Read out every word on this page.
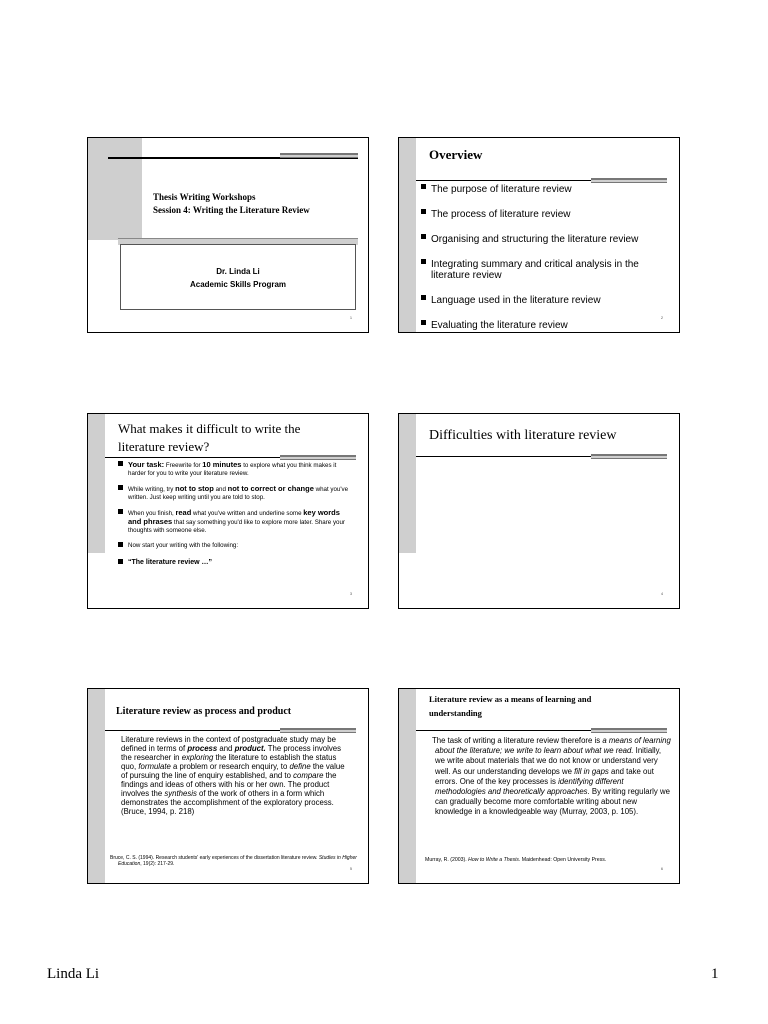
Thesis Writing Workshops
Session 4: Writing the Literature Review
Dr. Linda Li
Academic Skills Program
1
Overview
The purpose of literature review
The process of literature review
Organising and structuring the literature review
Integrating summary and critical analysis in the literature review
Language used in the literature review
Evaluating the literature review
2
What makes it difficult to write the
literature review?
Your task: Freewrite for 10 minutes to explore what you think makes it harder for you to write your literature review.
While writing, try not to stop and not to correct or change what you've written. Just keep writing until you are told to stop.
When you finish, read what you've written and underline some key words and phrases that say something you'd like to explore more later. Share your thoughts with someone else.
Now start your writing with the following:
“The literature review …”
3
Difficulties with literature review
4
Literature review as process and product
Literature reviews in the context of postgraduate study may be defined in terms of process and product. The process involves the researcher in exploring the literature to establish the status quo, formulate a problem or research enquiry, to define the value of pursuing the line of enquiry established, and to compare the findings and ideas of others with his or her own. The product involves the synthesis of the work of others in a form which demonstrates the accomplishment of the exploratory process. (Bruce, 1994, p. 218)
Bruce, C. S. (1994). Research students' early experiences of the dissertation literature review. Studies in Higher Education, 19(2): 217-29.
5
Literature review as a means of learning and
understanding
The task of writing a literature review therefore is a means of learning about the literature; we write to learn about what we read. Initially, we write about materials that we do not know or understand very well. As our understanding develops we fill in gaps and take out errors. One of the key processes is identifying different methodologies and theoretically approaches. By writing regularly we can gradually become more comfortable writing about new knowledge in a knowledgeable way (Murray, 2003, p. 105).
Murray, R. (2003). How to Write a Thesis. Maidenhead: Open University Press.
6
Linda Li	1
